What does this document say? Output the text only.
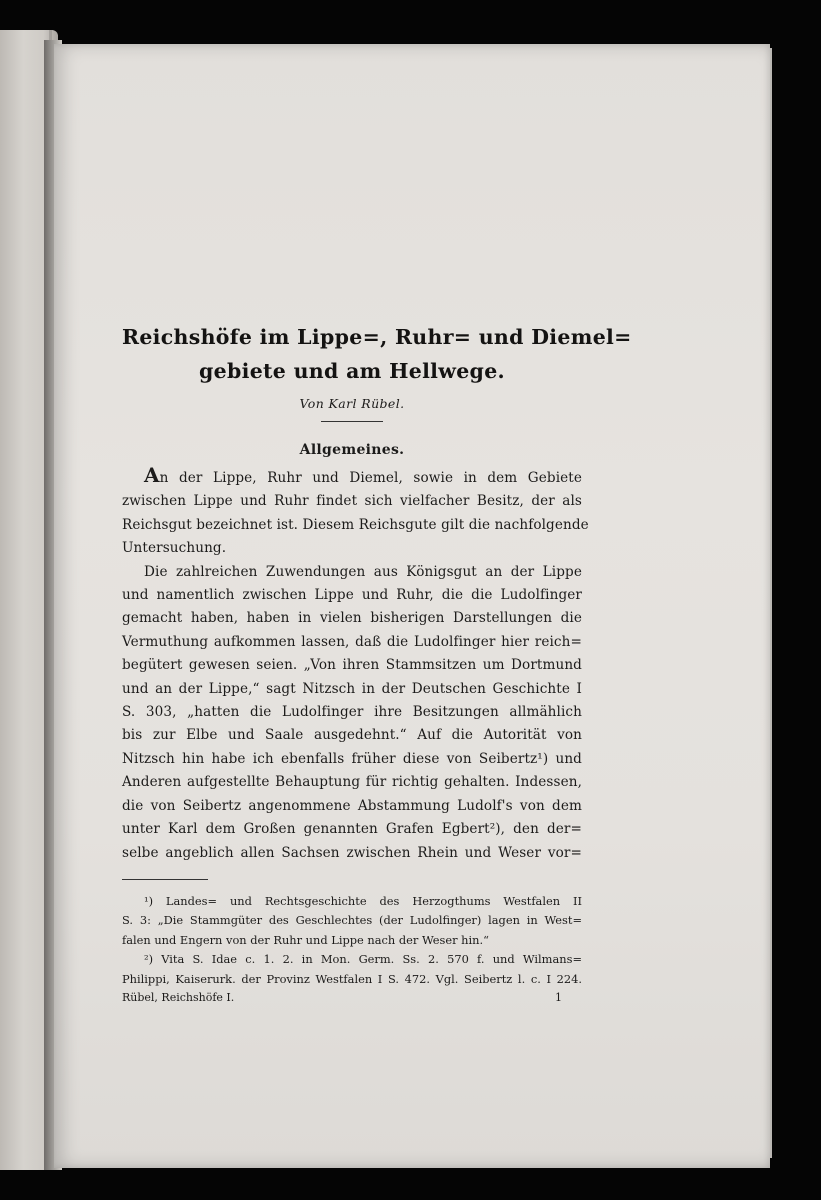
Reichshöfe im Lippe=, Ruhr= und Diemel=
gebiete und am Hellwege.
Von Karl Rübel.
Allgemeines.
An der Lippe, Ruhr und Diemel, sowie in dem Gebiete
zwischen Lippe und Ruhr findet sich vielfacher Besitz, der als
Reichsgut bezeichnet ist. Diesem Reichsgute gilt die nachfolgende
Untersuchung.
Die zahlreichen Zuwendungen aus Königsgut an der Lippe
und namentlich zwischen Lippe und Ruhr, die die Ludolfinger
gemacht haben, haben in vielen bisherigen Darstellungen die
Vermuthung aufkommen lassen, daß die Ludolfinger hier reich=
begütert gewesen seien. „Von ihren Stammsitzen um Dortmund
und an der Lippe,“ sagt Nitzsch in der Deutschen Geschichte I
S. 303, „hatten die Ludolfinger ihre Besitzungen allmählich
bis zur Elbe und Saale ausgedehnt.“ Auf die Autorität von
Nitzsch hin habe ich ebenfalls früher diese von Seibertz¹) und
Anderen aufgestellte Behauptung für richtig gehalten. Indessen,
die von Seibertz angenommene Abstammung Ludolf's von dem
unter Karl dem Großen genannten Grafen Egbert²), den der=
selbe angeblich allen Sachsen zwischen Rhein und Weser vor=
¹) Landes= und Rechtsgeschichte des Herzogthums Westfalen II
S. 3: „Die Stammgüter des Geschlechtes (der Ludolfinger) lagen in West=
falen und Engern von der Ruhr und Lippe nach der Weser hin.“
²) Vita S. Idae c. 1. 2. in Mon. Germ. Ss. 2. 570 f. und Wilmans=
Philippi, Kaiserurk. der Provinz Westfalen I S. 472. Vgl. Seibertz l. c. I 224.
Rübel, Reichshöfe I.	1
